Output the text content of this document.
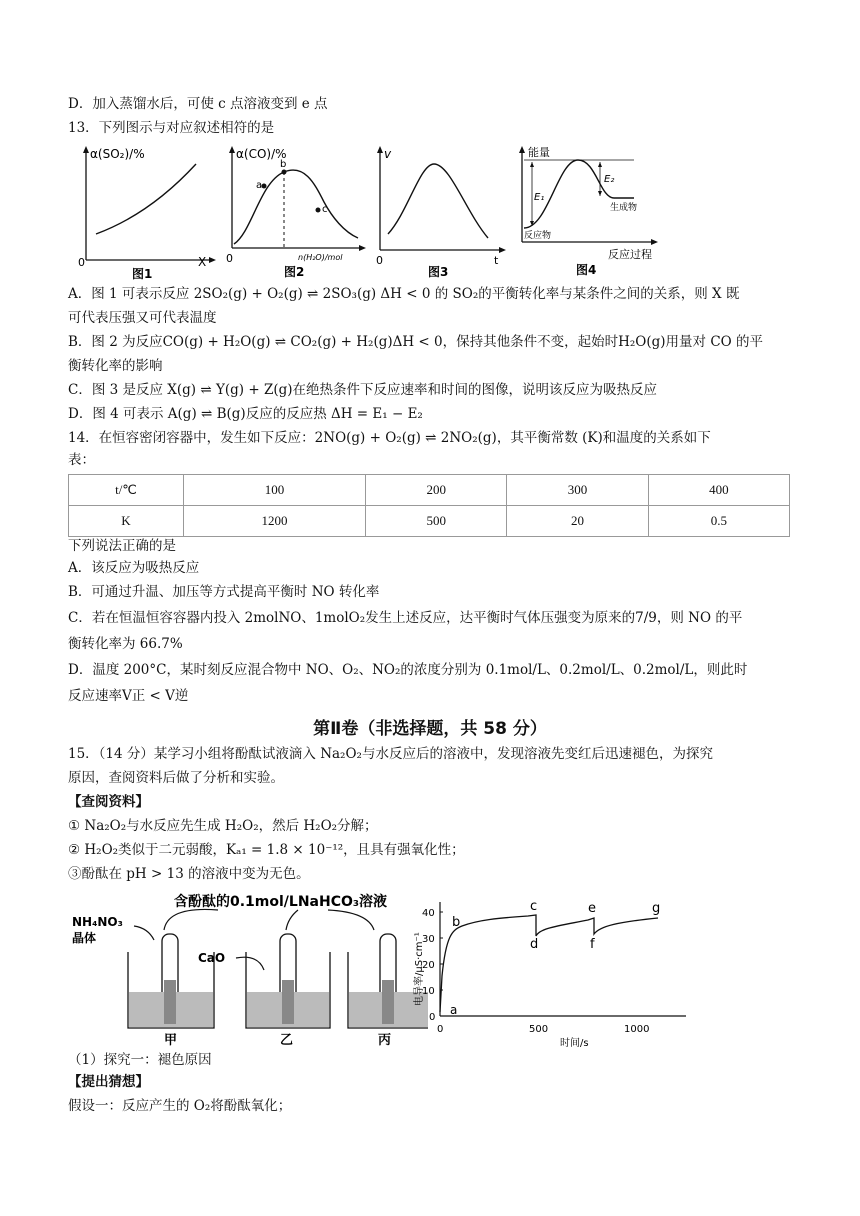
D．加入蒸馏水后，可使 c 点溶液变到 e 点
13．下列图示与对应叙述相符的是
α(SO₂)/%
0	X
图1
a
b
c
α(CO)/%
0	n(H₂O)/mol
图2
v
0	t
图3
E₁
E₂
生成物
反应物
能量
反应过程
图4
A．图 1 可表示反应 2SO₂(g) + O₂(g) ⇌ 2SO₃(g) ΔH < 0 的 SO₂的平衡转化率与某条件之间的关系，则 X 既
可代表压强又可代表温度
B．图 2 为反应CO(g) + H₂O(g) ⇌ CO₂(g) + H₂(g)ΔH < 0，保持其他条件不变，起始时H₂O(g)用量对 CO 的平
衡转化率的影响
C．图 3 是反应 X(g) ⇌ Y(g) + Z(g)在绝热条件下反应速率和时间的图像，说明该反应为吸热反应
D．图 4 可表示 A(g) ⇌ B(g)反应的反应热 ΔH = E₁ − E₂
14．在恒容密闭容器中，发生如下反应：2NO(g) + O₂(g) ⇌ 2NO₂(g)，其平衡常数 (K)和温度的关系如下
表：
t/℃	100	200	300	400
K	1200	500	20	0.5
下列说法正确的是
A．该反应为吸热反应
B．可通过升温、加压等方式提高平衡时 NO 转化率
C．若在恒温恒容容器内投入 2molNO、1molO₂发生上述反应，达平衡时气体压强变为原来的7/9，则 NO 的平
衡转化率为 66.7%
D．温度 200°C，某时刻反应混合物中 NO、O₂、NO₂的浓度分别为 0.1mol/L、0.2mol/L、0.2mol/L，则此时
反应速率V正 < V逆
第Ⅱ卷（非选择题，共 58 分）
15．（14 分）某学习小组将酚酞试液滴入 Na₂O₂与水反应后的溶液中，发现溶液先变红后迅速褪色，为探究
原因，查阅资料后做了分析和实验。
【查阅资料】
① Na₂O₂与水反应先生成 H₂O₂，然后 H₂O₂分解；
② H₂O₂类似于二元弱酸，Kₐ₁ = 1.8 × 10⁻¹²，且具有强氧化性；
③酚酞在 pH > 13 的溶液中变为无色。
含酚酞的0.1mol/LNaHCO₃溶液
NH₄NO₃
晶体
CaO
甲	乙	丙
电导率/μS·cm⁻¹
0
10
20
30
40
0	500	1000
a
b
c
d
e
f
g
时间/s
（1）探究一：褪色原因
【提出猜想】
假设一：反应产生的 O₂将酚酞氧化；
